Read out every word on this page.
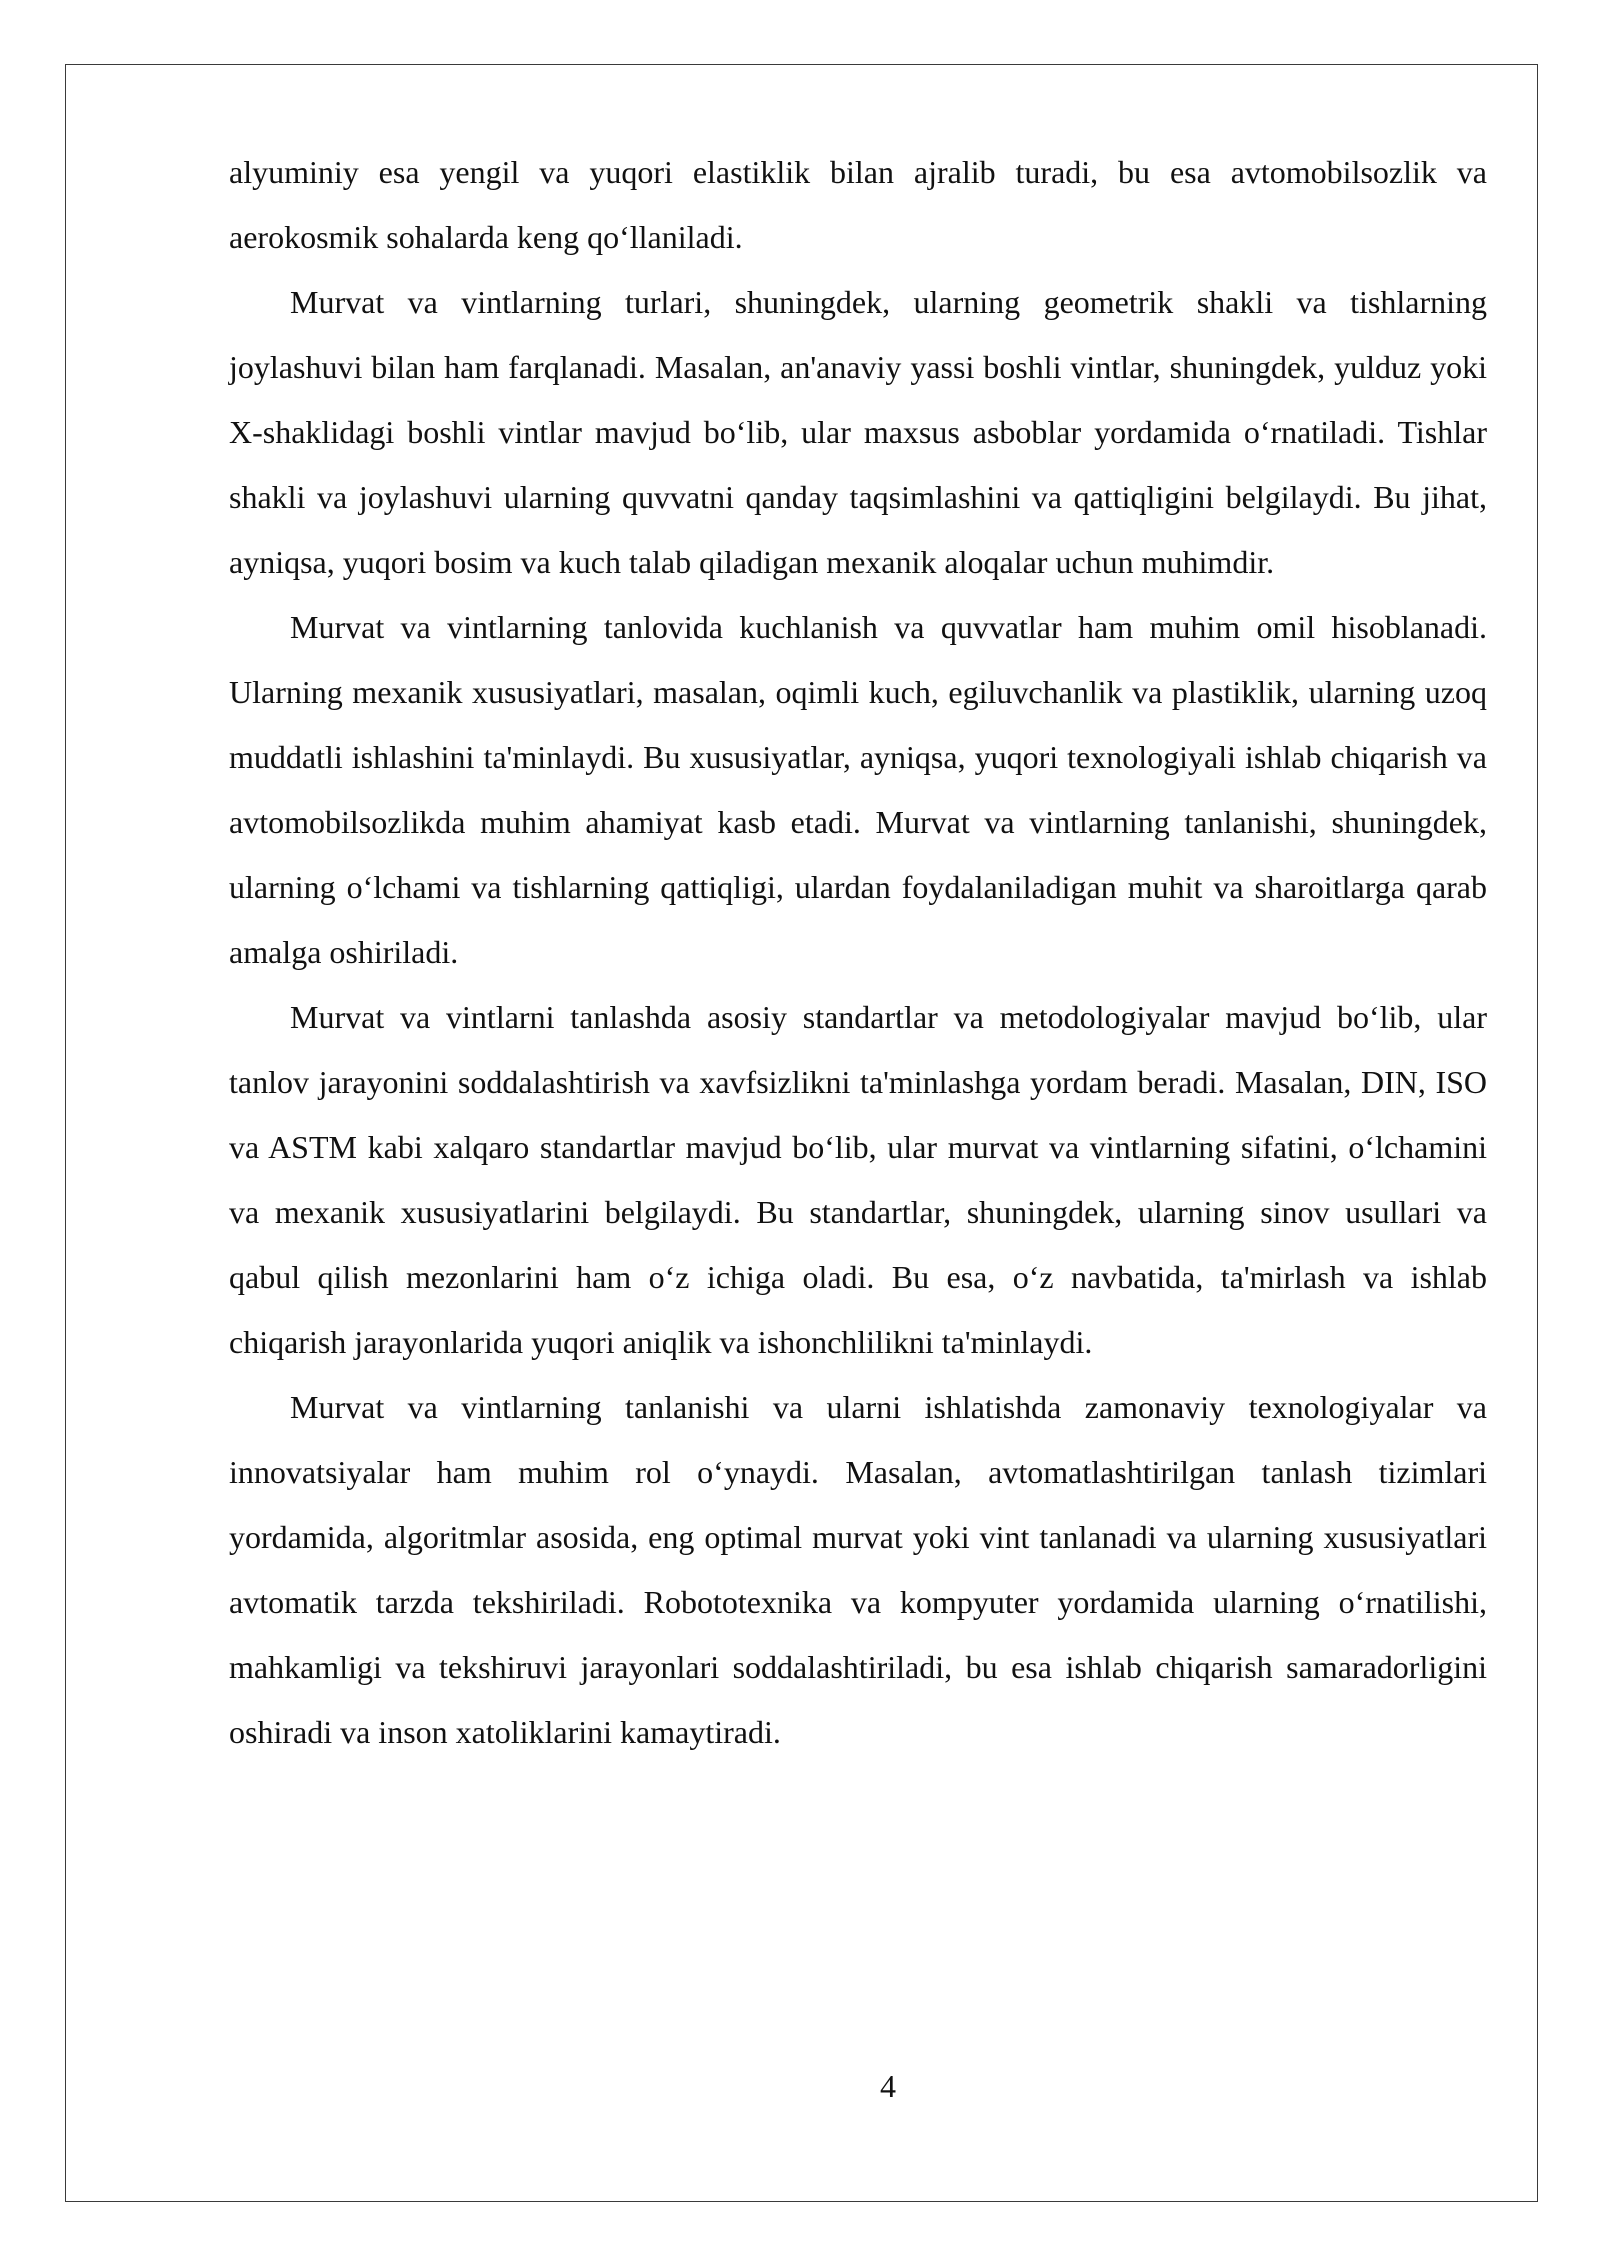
alyuminiy esa yengil va yuqori elastiklik bilan ajralib turadi, bu esa avtomobilsozlik va aerokosmik sohalarda keng qo‘llaniladi.

Murvat va vintlarning turlari, shuningdek, ularning geometrik shakli va tishlarning joylashuvi bilan ham farqlanadi. Masalan, an'anaviy yassi boshli vintlar, shuningdek, yulduz yoki X-shaklidagi boshli vintlar mavjud bo‘lib, ular maxsus asboblar yordamida o‘rnatiladi. Tishlar shakli va joylashuvi ularning quvvatni qanday taqsimlashini va qattiqligini belgilaydi. Bu jihat, ayniqsa, yuqori bosim va kuch talab qiladigan mexanik aloqalar uchun muhimdir.

Murvat va vintlarning tanlovida kuchlanish va quvvatlar ham muhim omil hisoblanadi. Ularning mexanik xususiyatlari, masalan, oqimli kuch, egiluvchanlik va plastiklik, ularning uzoq muddatli ishlashini ta'minlaydi. Bu xususiyatlar, ayniqsa, yuqori texnologiyali ishlab chiqarish va avtomobilsozlikda muhim ahamiyat kasb etadi. Murvat va vintlarning tanlanishi, shuningdek, ularning o‘lchami va tishlarning qattiqligi, ulardan foydalaniladigan muhit va sharoitlarga qarab amalga oshiriladi.

Murvat va vintlarni tanlashda asosiy standartlar va metodologiyalar mavjud bo‘lib, ular tanlov jarayonini soddalashtirish va xavfsizlikni ta'minlashga yordam beradi. Masalan, DIN, ISO va ASTM kabi xalqaro standartlar mavjud bo‘lib, ular murvat va vintlarning sifatini, o‘lchamini va mexanik xususiyatlarini belgilaydi. Bu standartlar, shuningdek, ularning sinov usullari va qabul qilish mezonlarini ham o‘z ichiga oladi. Bu esa, o‘z navbatida, ta'mirlash va ishlab chiqarish jarayonlarida yuqori aniqlik va ishonchlilikni ta'minlaydi.

Murvat va vintlarning tanlanishi va ularni ishlatishda zamonaviy texnologiyalar va innovatsiyalar ham muhim rol o‘ynaydi. Masalan, avtomatlashtirilgan tanlash tizimlari yordamida, algoritmlar asosida, eng optimal murvat yoki vint tanlanadi va ularning xususiyatlari avtomatik tarzda tekshiriladi. Robototexnika va kompyuter yordamida ularning o‘rnatilishi, mahkamligi va tekshiruvi jarayonlari soddalashtiriladi, bu esa ishlab chiqarish samaradorligini oshiradi va inson xatoliklarini kamaytiradi.

4
